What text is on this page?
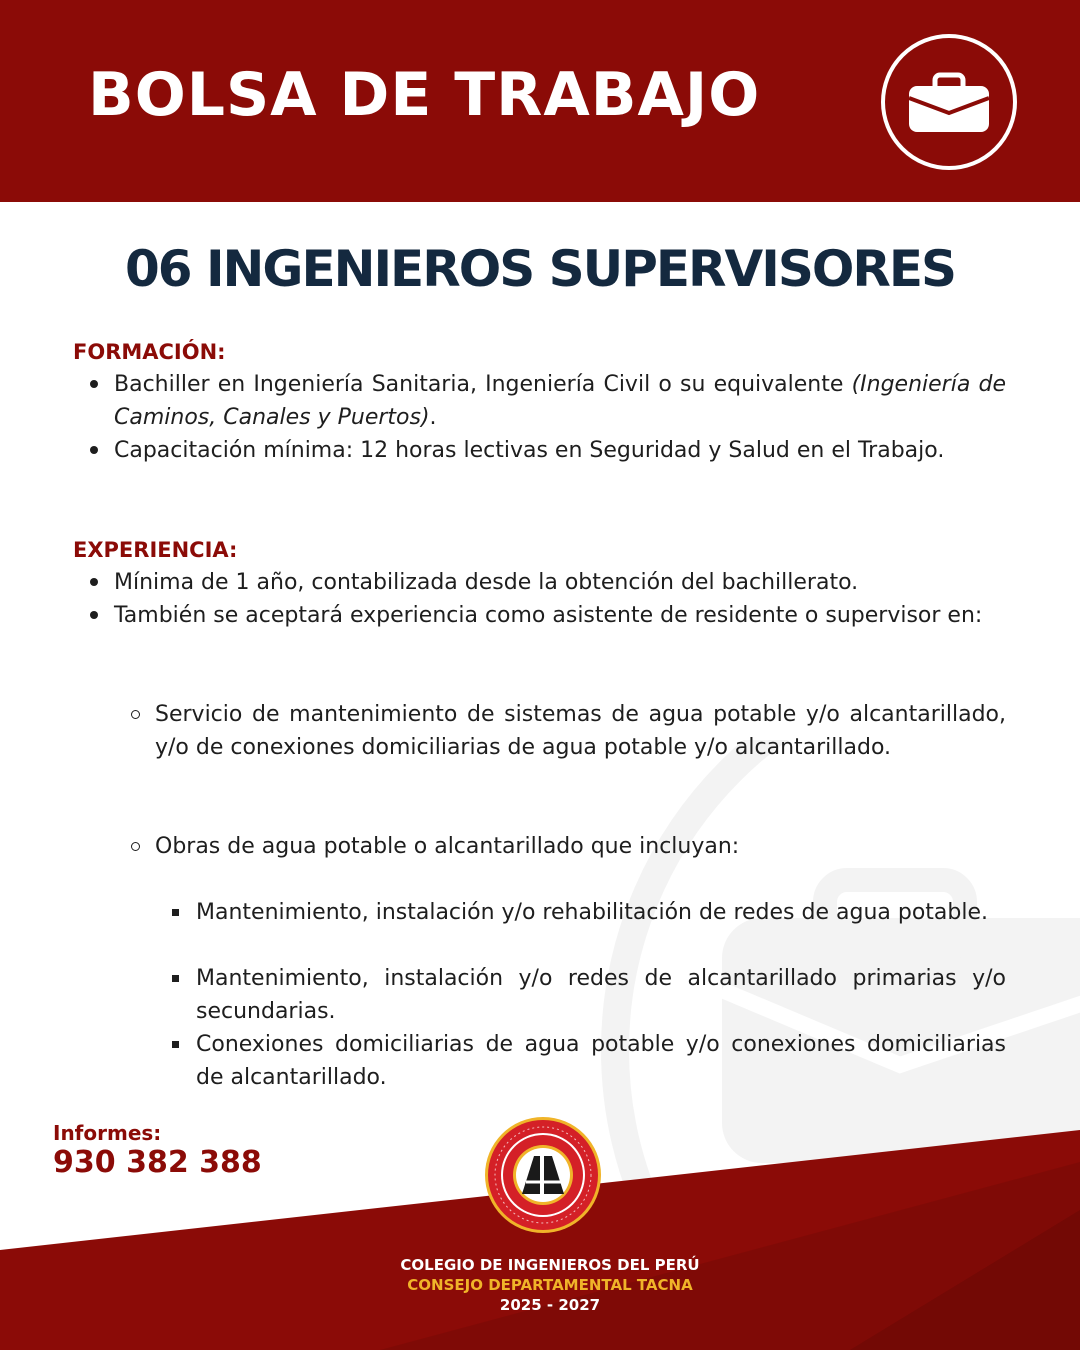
BOLSA DE TRABAJO
06 INGENIEROS SUPERVISORES
FORMACIÓN:

Bachiller en Ingeniería Sanitaria, Ingeniería Civil o su equivalente (Ingeniería de Caminos, Canales y Puertos).

Capacitación mínima: 12 horas lectivas en Seguridad y Salud en el Trabajo.

EXPERIENCIA:

Mínima de 1 año, contabilizada desde la obtención del bachillerato.

También se aceptará experiencia como asistente de residente o supervisor en:

Servicio de mantenimiento de sistemas de agua potable y/o alcantarillado, y/o de conexiones domiciliarias de agua potable y/o alcantarillado.

Obras de agua potable o alcantarillado que incluyan:

Mantenimiento, instalación y/o rehabilitación de redes de agua potable.

Mantenimiento, instalación y/o redes de alcantarillado primarias y/o secundarias.

Conexiones domiciliarias de agua potable y/o conexiones domiciliarias de alcantarillado.

Informes:
930 382 388
COLEGIO DE INGENIEROS DEL PERÚ
CONSEJO DEPARTAMENTAL TACNA
2025 - 2027
